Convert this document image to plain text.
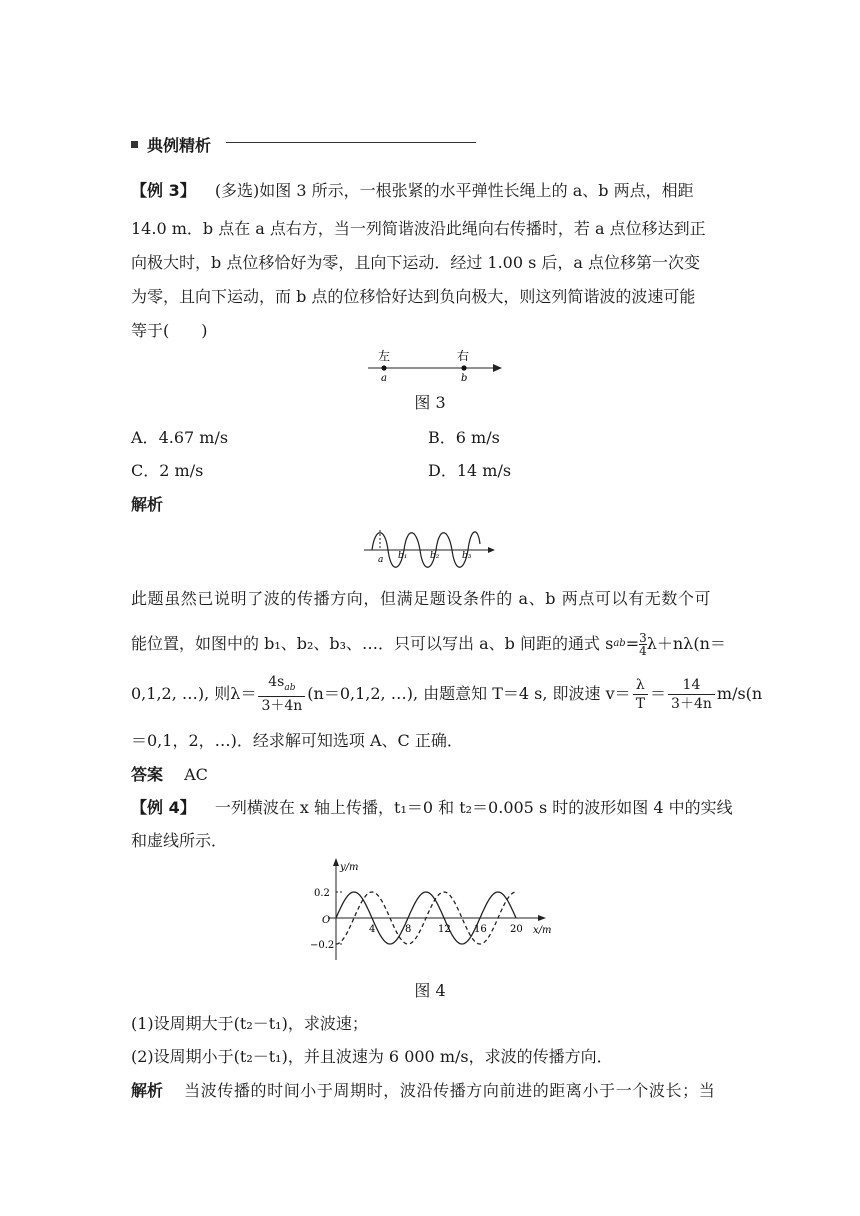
典例精析
【例 3】 (多选)如图 3 所示，一根张紧的水平弹性长绳上的 a、b 两点，相距
14.0 m．b 点在 a 点右方，当一列简谐波沿此绳向右传播时，若 a 点位移达到正
向极大时，b 点位移恰好为零，且向下运动．经过 1.00 s 后，a 点位移第一次变
为零，且向下运动，而 b 点的位移恰好达到负向极大，则这列简谐波的波速可能
等于(　　)
左	右
a	b
图 3
A．4.67 m/s	B．6 m/s
C．2 m/s	D．14 m/s
解析
a b₁	b₂	b₃
此题虽然已说明了波的传播方向，但满足题设条件的 a、b 两点可以有无数个可
能位置，如图中的 b₁、b₂、b₃、…．只可以写出 a、b 间距的通式 s ab = $\frac{3}{4} \lambda+n\lambda(n=$
0,1,2, …), 则$\lambda= \frac{4s_{ab}}{3+4n} (n=0,1,2$, …), 由题意知 T＝4 s, 即波速 $v= \frac{\lambda}{T} = \frac{14}{3+4n} m/s(n$
＝0,1，2，…)．经求解可知选项 A、C 正确．
答案 AC
【例 4】 一列横波在 x 轴上传播，t₁＝0 和 t₂＝0.005 s 时的波形如图 4 中的实线
和虚线所示．
y/m
x/m
O
0.2
−0.2
4	8	12 16 20
图 4
(1)设周期大于(t₂－t₁)，求波速；
(2)设周期小于(t₂－t₁)，并且波速为 6 000 m/s，求波的传播方向．
解析 当波传播的时间小于周期时，波沿传播方向前进的距离小于一个波长；当
